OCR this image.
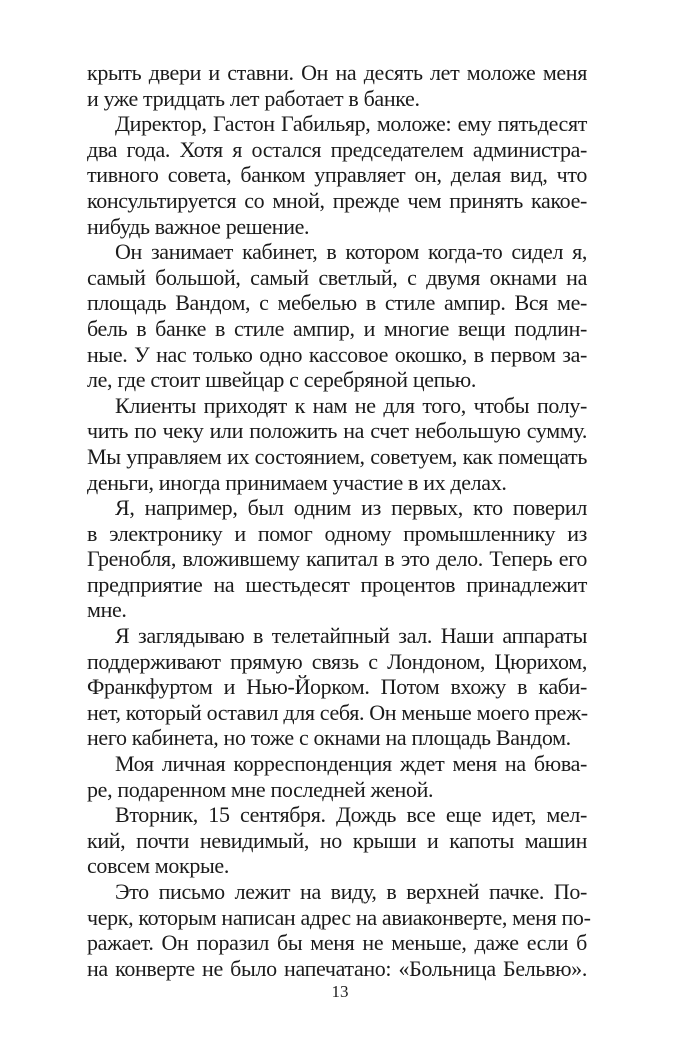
крыть двери и ставни. Он на десять лет моложе меня
и уже тридцать лет работает в банке.
Директор, Гастон Габильяр, моложе: ему пятьдесят
два года. Хотя я остался председателем администра-
тивного совета, банком управляет он, делая вид, что
консультируется со мной, прежде чем принять какое-
нибудь важное решение.
Он занимает кабинет, в котором когда-то сидел я,
самый большой, самый светлый, с двумя окнами на
площадь Вандом, с мебелью в стиле ампир. Вся ме-
бель в банке в стиле ампир, и многие вещи подлин-
ные. У нас только одно кассовое окошко, в первом за-
ле, где стоит швейцар с серебряной цепью.
Клиенты приходят к нам не для того, чтобы полу-
чить по чеку или положить на счет небольшую сумму.
Мы управляем их состоянием, советуем, как помещать
деньги, иногда принимаем участие в их делах.
Я, например, был одним из первых, кто поверил
в электронику и помог одному промышленнику из
Гренобля, вложившему капитал в это дело. Теперь его
предприятие на шестьдесят процентов принадлежит
мне.
Я заглядываю в телетайпный зал. Наши аппараты
поддерживают прямую связь с Лондоном, Цюрихом,
Франкфуртом и Нью-Йорком. Потом вхожу в каби-
нет, который оставил для себя. Он меньше моего преж-
него кабинета, но тоже с окнами на площадь Вандом.
Моя личная корреспонденция ждет меня на бюва-
ре, подаренном мне последней женой.
Вторник, 15 сентября. Дождь все еще идет, мел-
кий, почти невидимый, но крыши и капоты машин
совсем мокрые.
Это письмо лежит на виду, в верхней пачке. По-
черк, которым написан адрес на авиаконверте, меня по-
ражает. Он поразил бы меня не меньше, даже если б
на конверте не было напечатано: «Больница Бельвю».
13
